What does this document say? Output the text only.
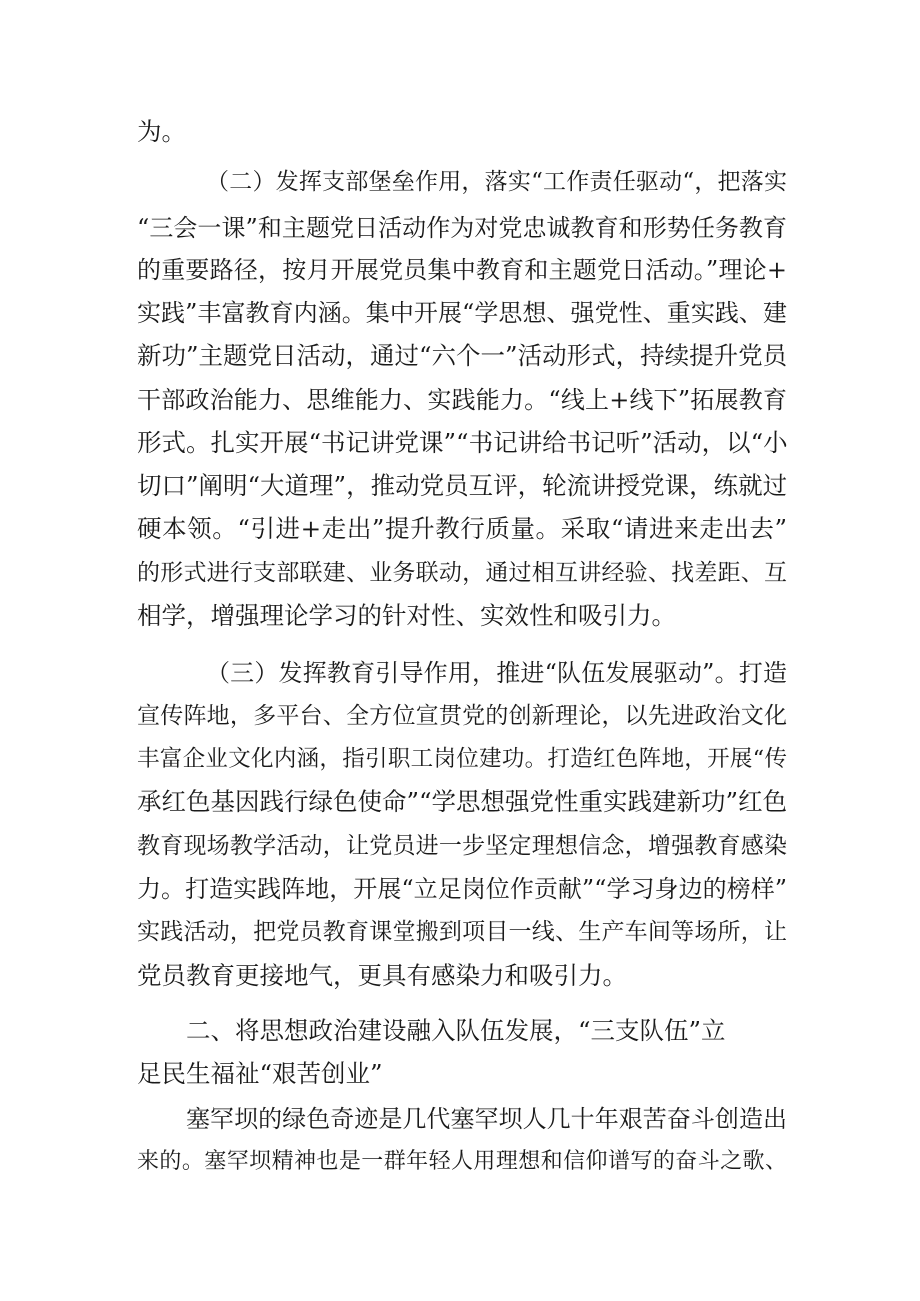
为。
（二）发挥支部堡垒作用，落实“工作责任驱动“，把落实
“三会一课”和主题党日活动作为对党忠诚教育和形势任务教育
的重要路径，按月开展党员集中教育和主题党日活动。”理论+
实践”丰富教育内涵。集中开展“学思想、强党性、重实践、建
新功”主题党日活动，通过“六个一”活动形式，持续提升党员
干部政治能力、思维能力、实践能力。“线上+线下”拓展教育
形式。扎实开展“书记讲党课”“书记讲给书记听”活动，以“小
切口”阐明“大道理”，推动党员互评，轮流讲授党课，练就过
硬本领。“引进+走出”提升教行质量。采取“请进来走出去”
的形式进行支部联建、业务联动，通过相互讲经验、找差距、互
相学，增强理论学习的针对性、实效性和吸引力。
（三）发挥教育引导作用，推进“队伍发展驱动”。打造
宣传阵地，多平台、全方位宣贯党的创新理论，以先进政治文化
丰富企业文化内涵，指引职工岗位建功。打造红色阵地，开展“传
承红色基因践行绿色使命”“学思想强党性重实践建新功”红色
教育现场教学活动，让党员进一步坚定理想信念，增强教育感染
力。打造实践阵地，开展“立足岗位作贡献”“学习身边的榜样”
实践活动，把党员教育课堂搬到项目一线、生产车间等场所，让
党员教育更接地气，更具有感染力和吸引力。
二、将思想政治建设融入队伍发展，“三支队伍”立
足民生福祉“艰苦创业”
塞罕坝的绿色奇迹是几代塞罕坝人几十年艰苦奋斗创造出
来的。塞罕坝精神也是一群年轻人用理想和信仰谱写的奋斗之歌、
